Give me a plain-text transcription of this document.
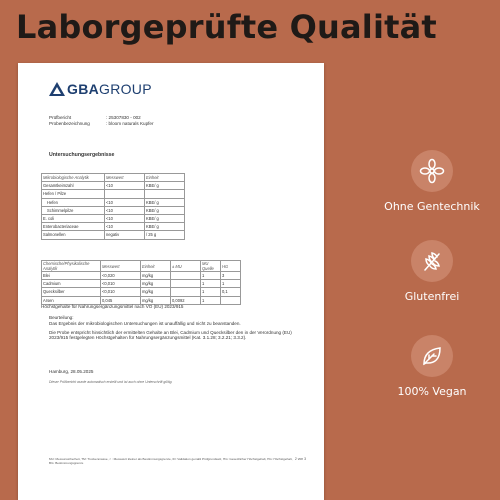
Laborgeprüfte Qualität
GBA GROUP
Prüfbericht	: 25307830 - 002
Probenbezeichnung	: bloom naturals Kupfer
Untersuchungsergebnisse
Mikrobiologische Analytik	Messwert	Einheit
Gesamtkeimzahl	<10	KBE/ g
Hefen / Pilze		
Hefen	<10	KBE/ g
Schimmelpilze	<10	KBE/ g
E. coli	<10	KBE/ g
Enterobacteriaceae	<10	KBE/ g
Salmonellen	negativ	/ 25 g
Chemische/Physikalische Analytik	Messwert	Einheit	± MU	MU Quelle	HG
Blei	<0,020	mg/kg		1	3
Cadmium	<0,010	mg/kg		1	1
Quecksilber	<0,010	mg/kg		1	0,1
Arsen	0,045	mg/kg	0,0092	1	
Höchstgehalte für Nahrungsergänzungsmittel nach VO (EU) 2023/915

Beurteilung:

Das Ergebnis der mikrobiologischen Untersuchungen ist unauffällig und nicht zu beanstanden.

Die Probe entspricht hinsichtlich der ermittelten Gehalte an Blei, Cadmium und Quecksilber den in der Verordnung (EU) 2023/915 festgelegten Höchstgehalten für Nahrungsergänzungsmittel (Kat. 3.1.28; 3.2.21; 3.3.2).

Hamburg, 28.05.2025
Dieser Prüfbericht wurde automatisch erstellt und ist auch ohne Unterschrift gültig.
MU: Messunsicherheit, TM: Trockenmasse, < : Messwert kleiner als Bestimmungsgrenze, ID: Validation gemäß Prüfgrundsatz, HG: Gesetzlicher Höchstgehalt, HG: Höchstgehalt, BG: Bestimmungsgrenze
2 von 3
Ohne Gentechnik
Glutenfrei
100% Vegan
